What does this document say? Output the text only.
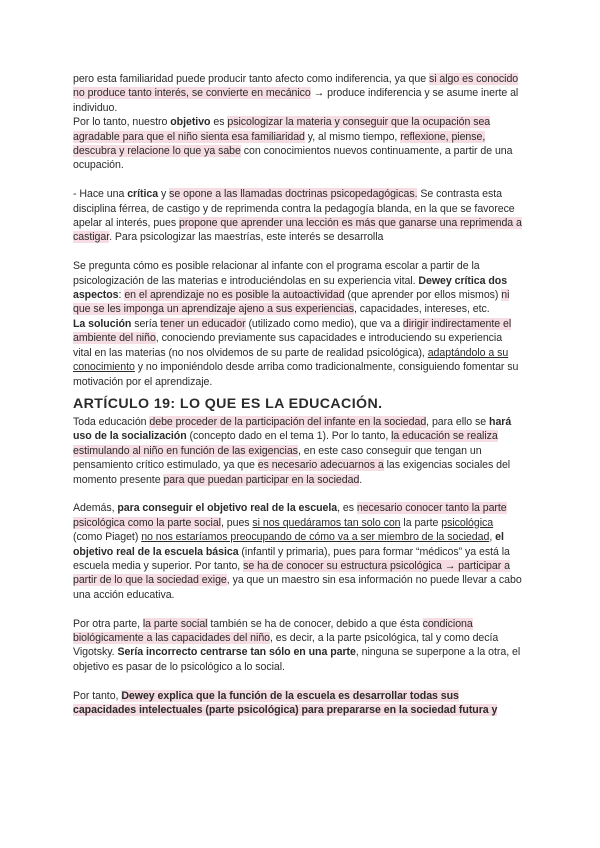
pero esta familiaridad puede producir tanto afecto como indiferencia, ya que si algo es conocido no produce tanto interés, se convierte en mecánico → produce indiferencia y se asume inerte al individuo.

Por lo tanto, nuestro objetivo es psicologizar la materia y conseguir que la ocupación sea agradable para que el niño sienta esa familiaridad y, al mismo tiempo, reflexione, piense, descubra y relacione lo que ya sabe con conocimientos nuevos continuamente, a partir de una ocupación.

- Hace una crítica y se opone a las llamadas doctrinas psicopedagógicas. Se contrasta esta disciplina férrea, de castigo y de reprimenda contra la pedagogía blanda, en la que se favorece apelar al interés, pues propone que aprender una lección es más que ganarse una reprimenda a castigar. Para psicologizar las maestrías, este interés se desarrolla

Se pregunta cómo es posible relacionar al infante con el programa escolar a partir de la psicologización de las materias e introduciéndolas en su experiencia vital. Dewey crítica dos aspectos: en el aprendizaje no es posible la autoactividad (que aprender por ellos mismos) ni que se les imponga un aprendizaje ajeno a sus experiencias, capacidades, intereses, etc.

La solución sería tener un educador (utilizado como medio), que va a dirigir indirectamente el ambiente del niño, conociendo previamente sus capacidades e introduciendo su experiencia vital en las materias (no nos olvidemos de su parte de realidad psicológica), adaptándolo a su conocimiento y no imponiéndolo desde arriba como tradicionalmente, consiguiendo fomentar su motivación por el aprendizaje.

ARTÍCULO 19: LO QUE ES LA EDUCACIÓN.

Toda educación debe proceder de la participación del infante en la sociedad, para ello se hará uso de la socialización (concepto dado en el tema 1). Por lo tanto, la educación se realiza estimulando al niño en función de las exigencias, en este caso conseguir que tengan un pensamiento crítico estimulado, ya que es necesario adecuarnos a las exigencias sociales del momento presente para que puedan participar en la sociedad.

Además, para conseguir el objetivo real de la escuela, es necesario conocer tanto la parte psicológica como la parte social, pues si nos quedáramos tan solo con la parte psicológica (como Piaget) no nos estaríamos preocupando de cómo va a ser miembro de la sociedad, el objetivo real de la escuela básica (infantil y primaria), pues para formar “médicos” ya está la escuela media y superior. Por tanto, se ha de conocer su estructura psicológica → participar a partir de lo que la sociedad exige, ya que un maestro sin esa información no puede llevar a cabo una acción educativa.

Por otra parte, la parte social también se ha de conocer, debido a que ésta condiciona biológicamente a las capacidades del niño, es decir, a la parte psicológica, tal y como decía Vigotsky. Sería incorrecto centrarse tan sólo en una parte, ninguna se superpone a la otra, el objetivo es pasar de lo psicológico a lo social.

Por tanto, Dewey explica que la función de la escuela es desarrollar todas sus capacidades intelectuales (parte psicológica) para prepararse en la sociedad futura y
